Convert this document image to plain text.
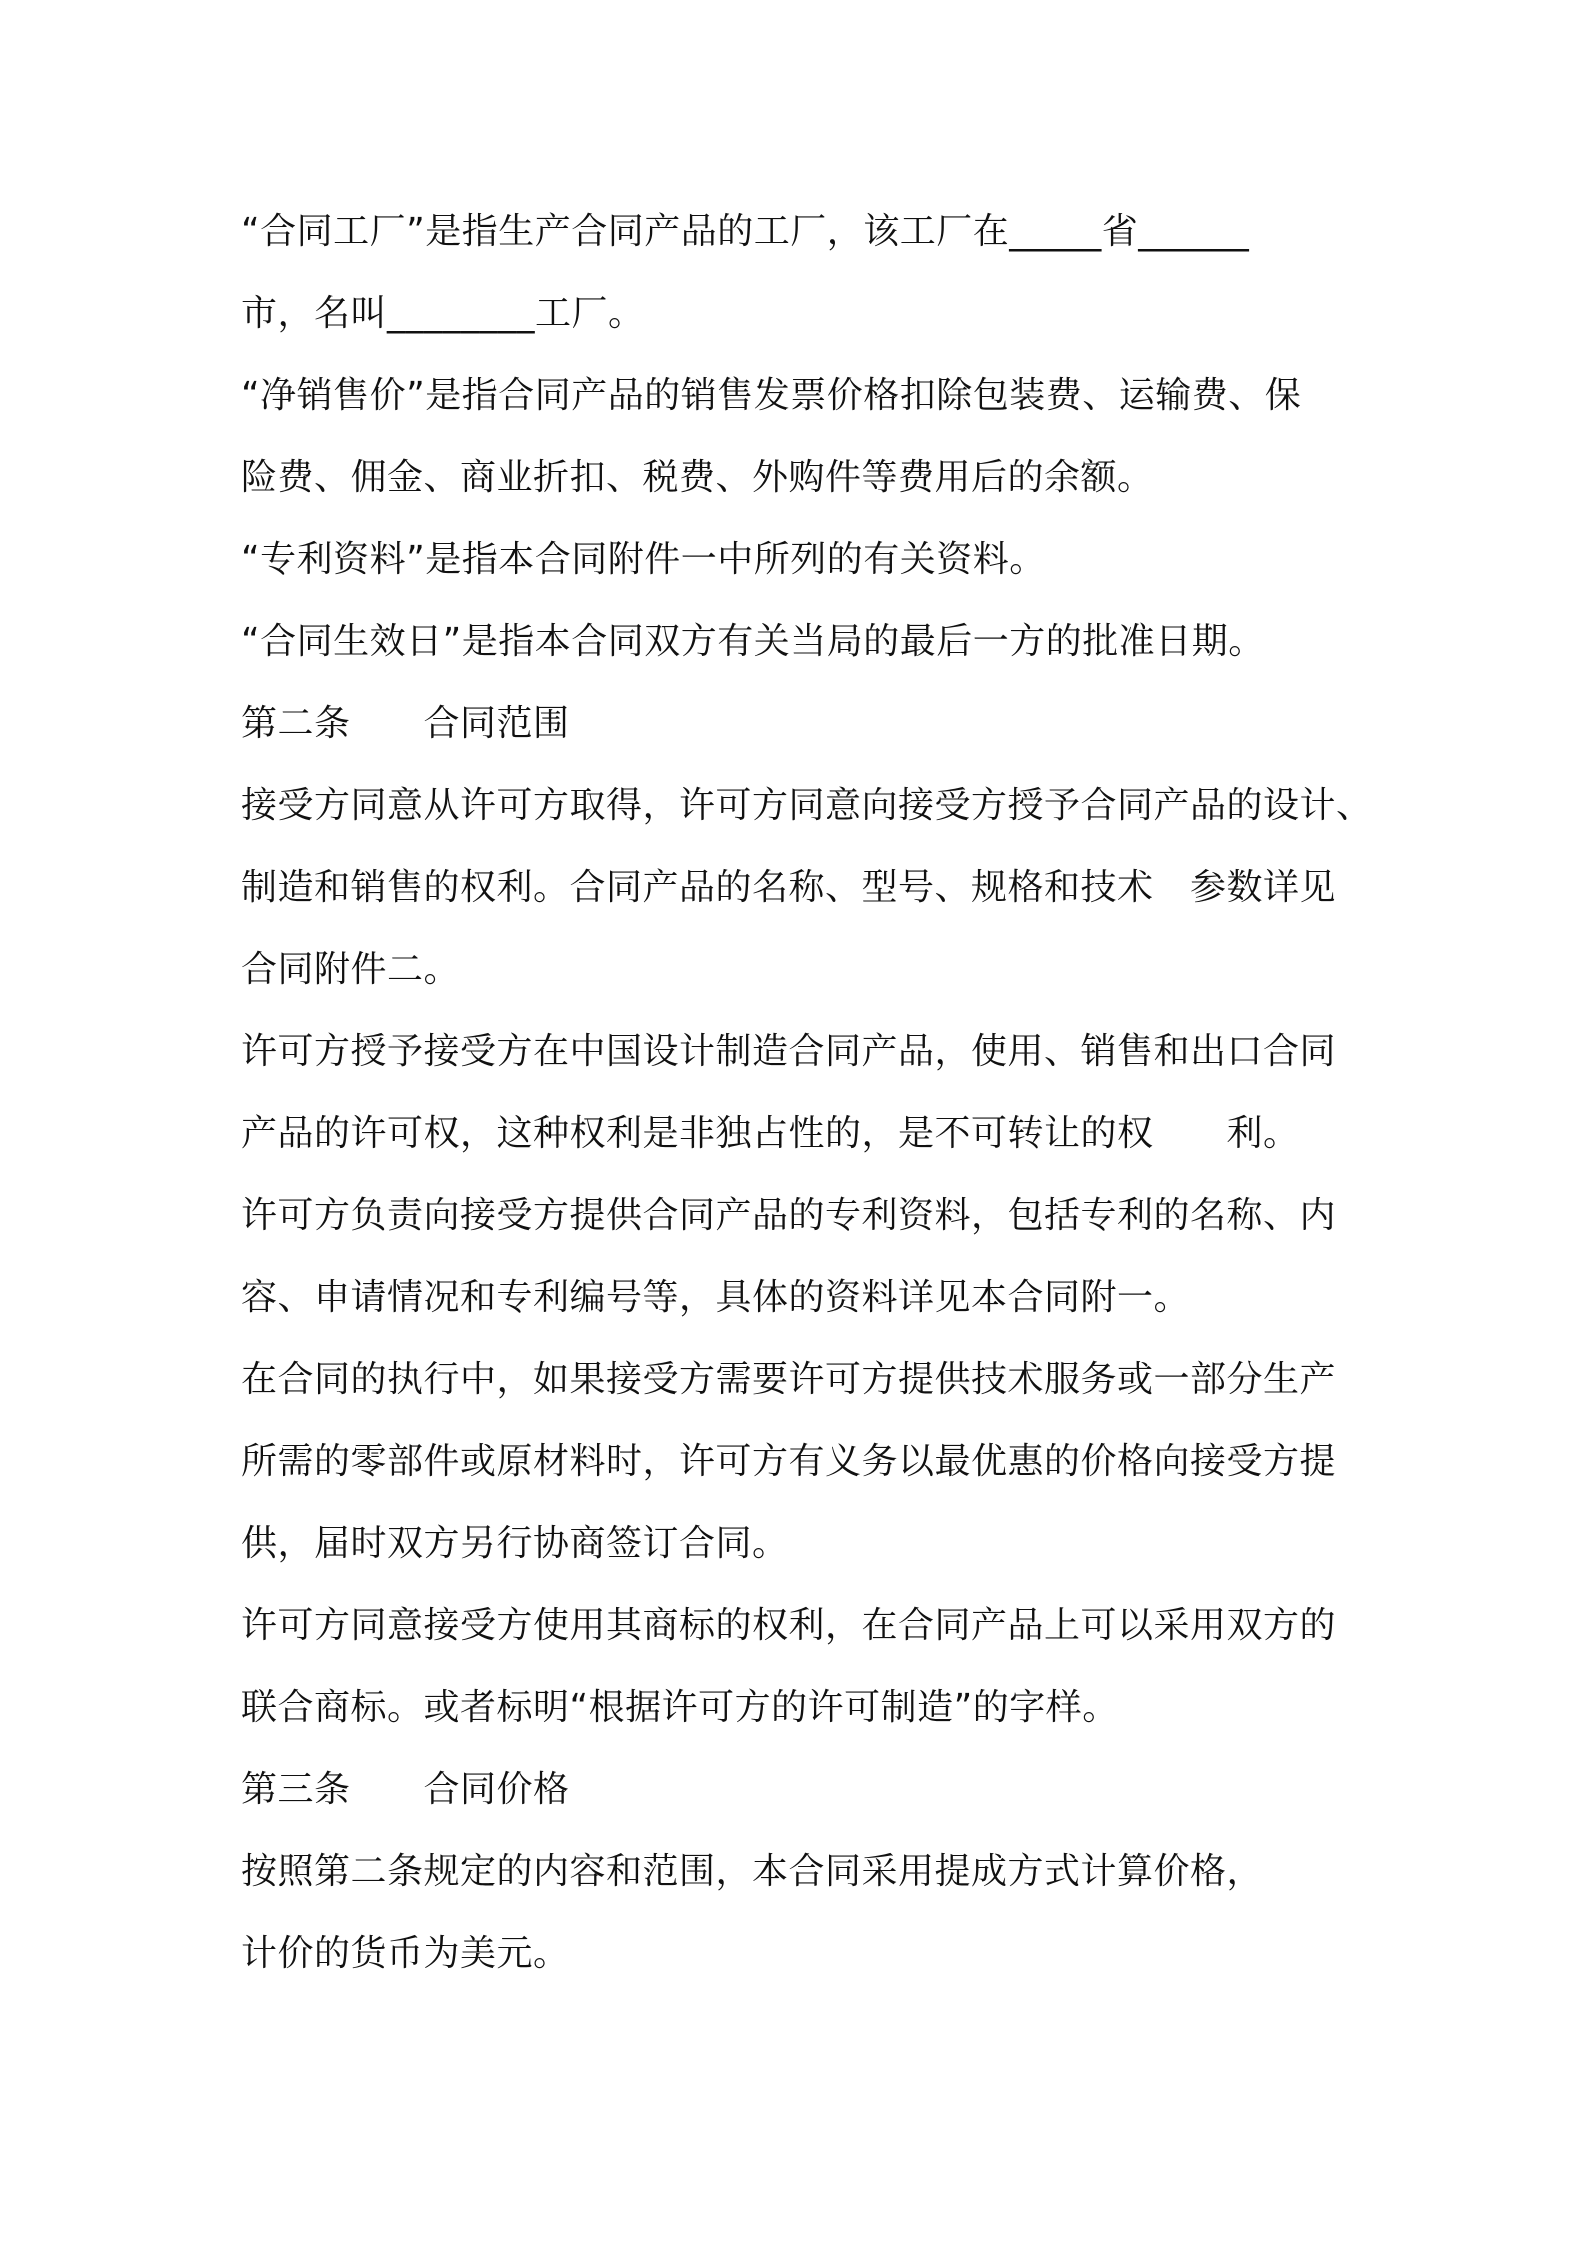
“合同工厂”是指生产合同产品的工厂，该工厂在_____省______
市，名叫________工厂。
“净销售价”是指合同产品的销售发票价格扣除包装费、运输费、保
险费、佣金、商业折扣、税费、外购件等费用后的余额。
“专利资料”是指本合同附件一中所列的有关资料。
“合同生效日”是指本合同双方有关当局的最后一方的批准日期。
第二条　　合同范围
接受方同意从许可方取得，许可方同意向接受方授予合同产品的设计、
制造和销售的权利。合同产品的名称、型号、规格和技术　参数详见
合同附件二。
许可方授予接受方在中国设计制造合同产品，使用、销售和出口合同
产品的许可权，这种权利是非独占性的，是不可转让的权　　利。
许可方负责向接受方提供合同产品的专利资料，包括专利的名称、内
容、申请情况和专利编号等，具体的资料详见本合同附一。
在合同的执行中，如果接受方需要许可方提供技术服务或一部分生产
所需的零部件或原材料时，许可方有义务以最优惠的价格向接受方提
供，届时双方另行协商签订合同。
许可方同意接受方使用其商标的权利，在合同产品上可以采用双方的
联合商标。或者标明“根据许可方的许可制造”的字样。
第三条　　合同价格
按照第二条规定的内容和范围，本合同采用提成方式计算价格，
计价的货币为美元。
